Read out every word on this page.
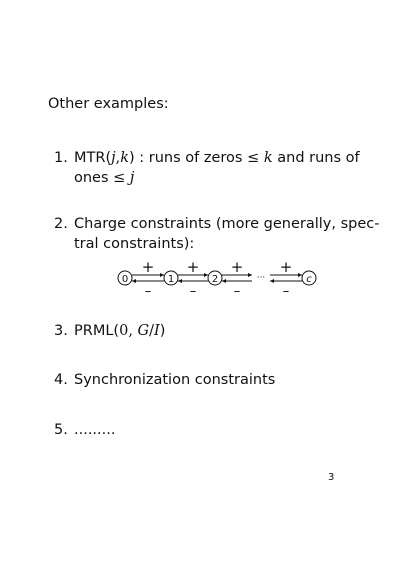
Other examples:
1. MTR(j,k) : runs of zeros ≤ k and runs of
ones ≤ j
2. Charge constraints (more generally, spec-
tral constraints):
0	1	2	c
+ + + +
–	–	–	–
···
3. PRML(0, G/I)
4. Synchronization constraints
5. .........
3
